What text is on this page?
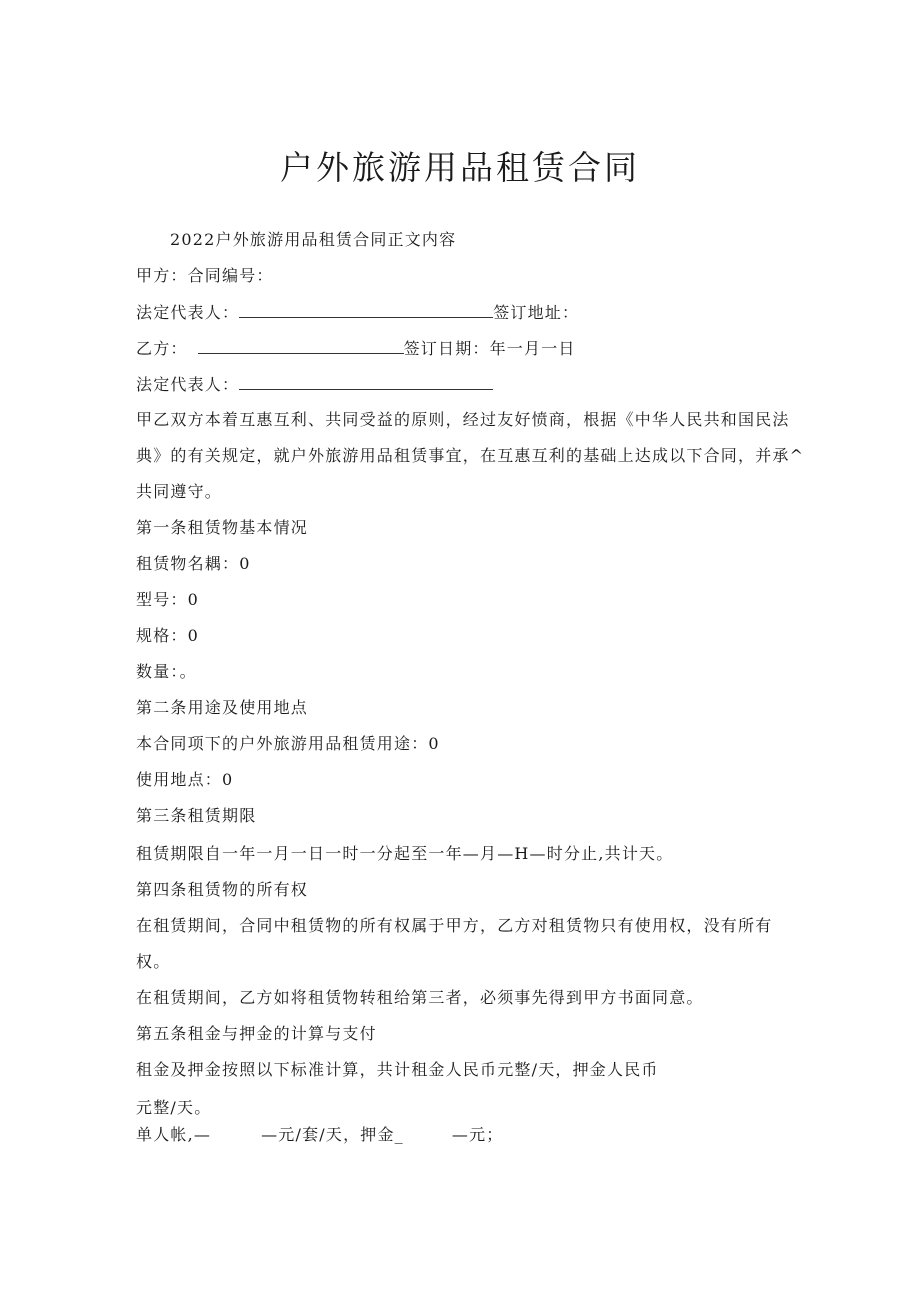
户外旅游用品租赁合同
2022户外旅游用品租赁合同正文内容
甲方：合同编号：
法定代表人：	签订地址：
乙方：	签订日期：年一月一日
法定代表人：
甲乙双方本着互惠互利、共同受益的原则，经过友好愤商，根据《中华人民共和国民法
典》的有关规定，就户外旅游用品租赁事宜，在互惠互利的基础上达成以下合同，并承^
共同遵守。
第一条租赁物基本情况
租赁物名耦：0
型号：0
规格：0
数量：。
第二条用途及使用地点
本合同项下的户外旅游用品租赁用途：0
使用地点：0
第三条租赁期限
租赁期限自一年一月一日一时一分起至一年—月—H—时分止,共计天。
第四条租赁物的所有权
在租赁期间，合同中租赁物的所有权属于甲方，乙方对租赁物只有使用权，没有所有
权。
在租赁期间，乙方如将租赁物转租给第三者，必须事先得到甲方书面同意。
第五条租金与押金的计算与支付
租金及押金按照以下标准计算，共计租金人民币元整/天，押金人民币
元整/天。
单人帐,—	—元/套/天，押金_	—元；
